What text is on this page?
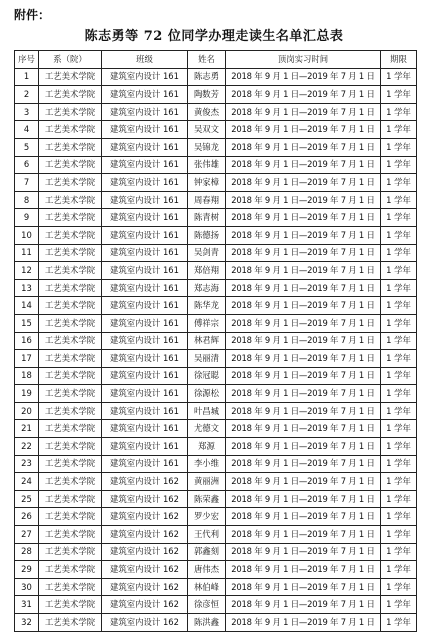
附件：
陈志勇等 72 位同学办理走读生名单汇总表
序号	系（院）	班级	姓名	顶岗实习时间	期限
1	工艺美术学院	建筑室内设计 161	陈志勇	2018 年 9 月 1 日—2019 年 7 月 1 日	1 学年
2	工艺美术学院	建筑室内设计 161	陶数芳	2018 年 9 月 1 日—2019 年 7 月 1 日	1 学年
3	工艺美术学院	建筑室内设计 161	黄俊杰	2018 年 9 月 1 日—2019 年 7 月 1 日	1 学年
4	工艺美术学院	建筑室内设计 161	吴双文	2018 年 9 月 1 日—2019 年 7 月 1 日	1 学年
5	工艺美术学院	建筑室内设计 161	吴锦龙	2018 年 9 月 1 日—2019 年 7 月 1 日	1 学年
6	工艺美术学院	建筑室内设计 161	张伟雄	2018 年 9 月 1 日—2019 年 7 月 1 日	1 学年
7	工艺美术学院	建筑室内设计 161	钟家樟	2018 年 9 月 1 日—2019 年 7 月 1 日	1 学年
8	工艺美术学院	建筑室内设计 161	周春翔	2018 年 9 月 1 日—2019 年 7 月 1 日	1 学年
9	工艺美术学院	建筑室内设计 161	陈青树	2018 年 9 月 1 日—2019 年 7 月 1 日	1 学年
10	工艺美术学院	建筑室内设计 161	陈德扬	2018 年 9 月 1 日—2019 年 7 月 1 日	1 学年
11	工艺美术学院	建筑室内设计 161	吴剑青	2018 年 9 月 1 日—2019 年 7 月 1 日	1 学年
12	工艺美术学院	建筑室内设计 161	郑倍翔	2018 年 9 月 1 日—2019 年 7 月 1 日	1 学年
13	工艺美术学院	建筑室内设计 161	郑志海	2018 年 9 月 1 日—2019 年 7 月 1 日	1 学年
14	工艺美术学院	建筑室内设计 161	陈华龙	2018 年 9 月 1 日—2019 年 7 月 1 日	1 学年
15	工艺美术学院	建筑室内设计 161	傅祥宗	2018 年 9 月 1 日—2019 年 7 月 1 日	1 学年
16	工艺美术学院	建筑室内设计 161	林君辉	2018 年 9 月 1 日—2019 年 7 月 1 日	1 学年
17	工艺美术学院	建筑室内设计 161	吴丽清	2018 年 9 月 1 日—2019 年 7 月 1 日	1 学年
18	工艺美术学院	建筑室内设计 161	徐冠聪	2018 年 9 月 1 日—2019 年 7 月 1 日	1 学年
19	工艺美术学院	建筑室内设计 161	徐源松	2018 年 9 月 1 日—2019 年 7 月 1 日	1 学年
20	工艺美术学院	建筑室内设计 161	叶昌城	2018 年 9 月 1 日—2019 年 7 月 1 日	1 学年
21	工艺美术学院	建筑室内设计 161	尤德文	2018 年 9 月 1 日—2019 年 7 月 1 日	1 学年
22	工艺美术学院	建筑室内设计 161	郑源	2018 年 9 月 1 日—2019 年 7 月 1 日	1 学年
23	工艺美术学院	建筑室内设计 161	李小维	2018 年 9 月 1 日—2019 年 7 月 1 日	1 学年
24	工艺美术学院	建筑室内设计 162	黄丽洲	2018 年 9 月 1 日—2019 年 7 月 1 日	1 学年
25	工艺美术学院	建筑室内设计 162	陈荣鑫	2018 年 9 月 1 日—2019 年 7 月 1 日	1 学年
26	工艺美术学院	建筑室内设计 162	罗少宏	2018 年 9 月 1 日—2019 年 7 月 1 日	1 学年
27	工艺美术学院	建筑室内设计 162	王代利	2018 年 9 月 1 日—2019 年 7 月 1 日	1 学年
28	工艺美术学院	建筑室内设计 162	郭鑫刻	2018 年 9 月 1 日—2019 年 7 月 1 日	1 学年
29	工艺美术学院	建筑室内设计 162	唐伟杰	2018 年 9 月 1 日—2019 年 7 月 1 日	1 学年
30	工艺美术学院	建筑室内设计 162	林伯峰	2018 年 9 月 1 日—2019 年 7 月 1 日	1 学年
31	工艺美术学院	建筑室内设计 162	徐彦恒	2018 年 9 月 1 日—2019 年 7 月 1 日	1 学年
32	工艺美术学院	建筑室内设计 162	陈洪鑫	2018 年 9 月 1 日—2019 年 7 月 1 日	1 学年
